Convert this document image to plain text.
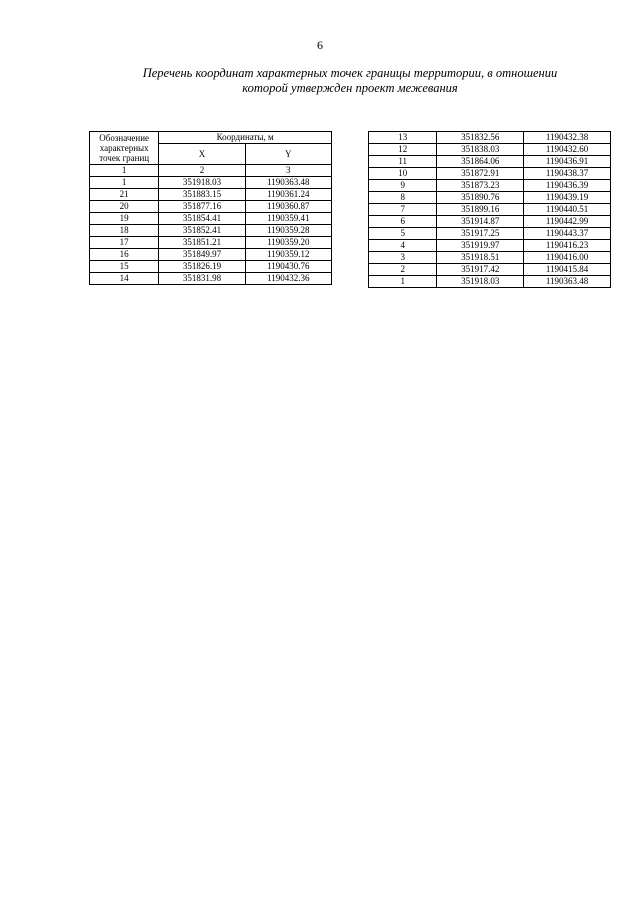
6
Перечень координат характерных точек границы территории, в отношении
которой утвержден проект межевания
Обозначение
характерных
точек границ	Координаты, м	
	X	Y
1	2	3
1	351918.03	1190363.48
21	351883.15	1190361.24
20	351877.16	1190360.87
19	351854.41	1190359.41
18	351852.41	1190359.28
17	351851.21	1190359.20
16	351849.97	1190359.12
15	351826.19	1190430.76
14	351831.98	1190432.36
13	351832.56	1190432.38
12	351838.03	1190432.60
11	351864.06	1190436.91
10	351872.91	1190438.37
9	351873.23	1190436.39
8	351890.76	1190439.19
7	351899.16	1190440.51
6	351914.87	1190442.99
5	351917.25	1190443.37
4	351919.97	1190416.23
3	351918.51	1190416.00
2	351917.42	1190415.84
1	351918.03	1190363.48
